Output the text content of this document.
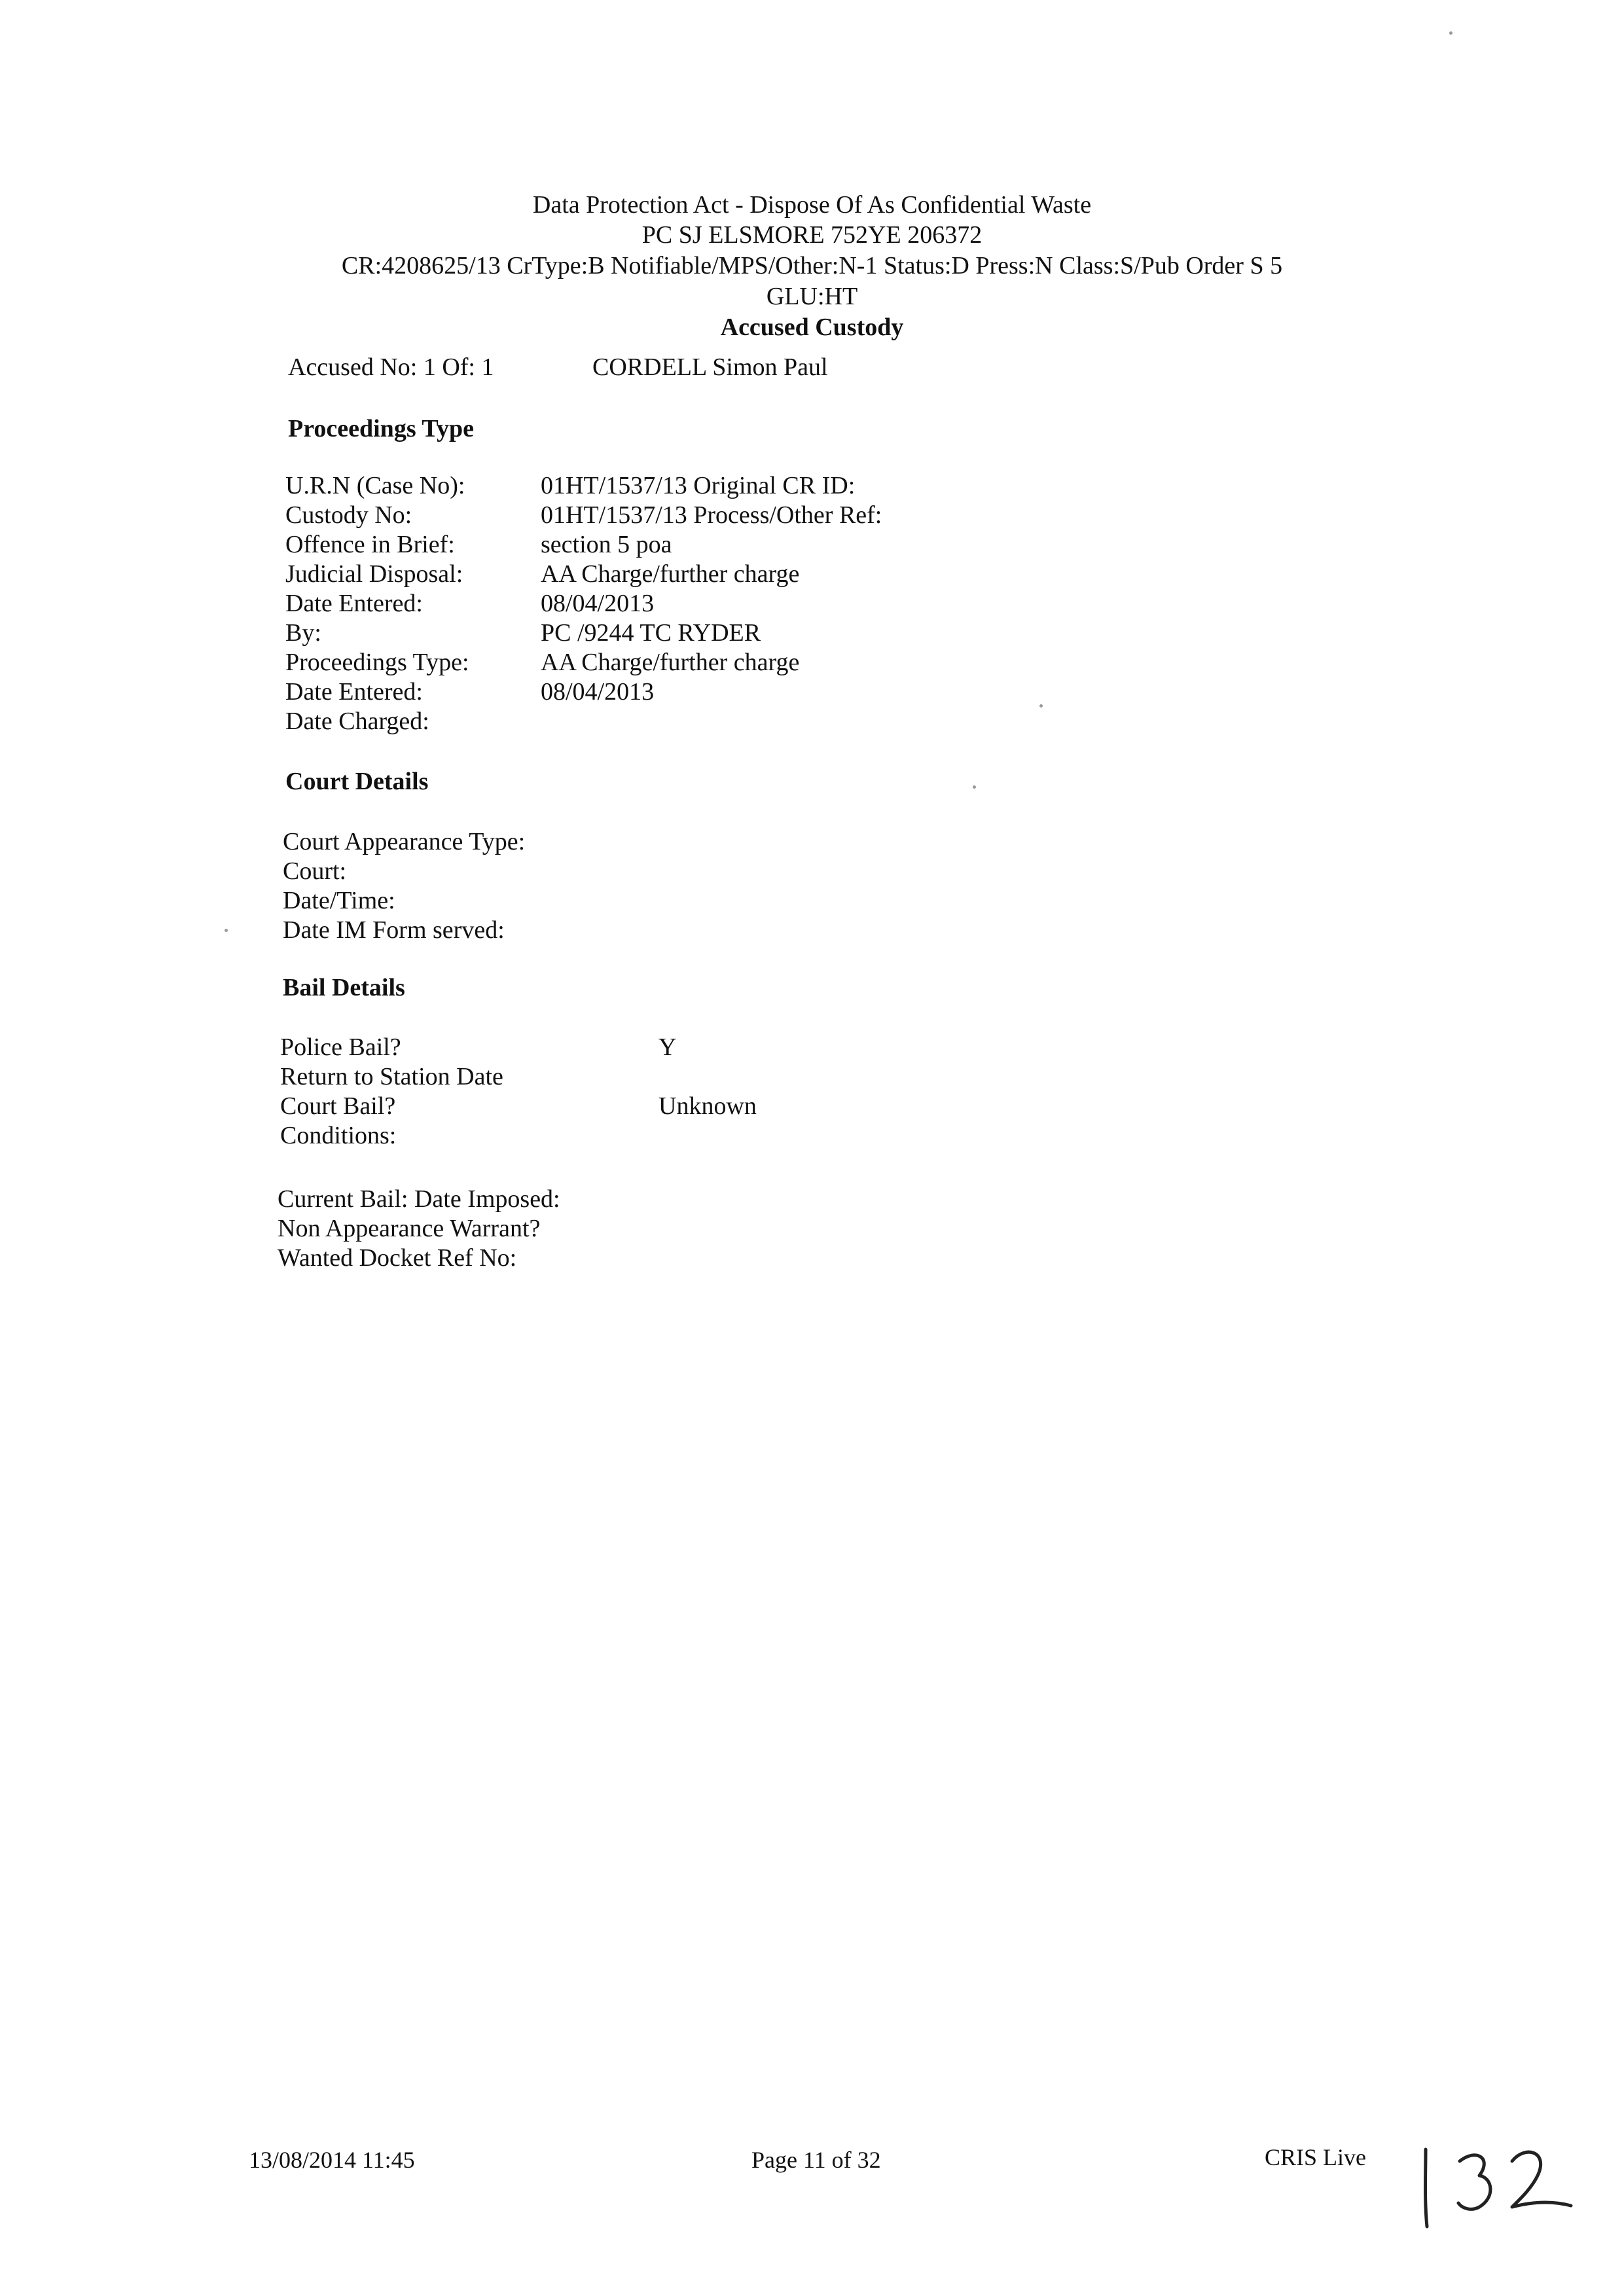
Data Protection Act - Dispose Of As Confidential Waste
PC SJ ELSMORE 752YE 206372
CR:4208625/13 CrType:B Notifiable/MPS/Other:N-1 Status:D Press:N Class:S/Pub Order S 5
GLU:HT
Accused Custody
Accused No: 1 Of: 1	CORDELL Simon Paul
Proceedings Type
U.R.N (Case No):	01HT/1537/13 Original CR ID:
Custody No:	01HT/1537/13 Process/Other Ref:
Offence in Brief:	section 5 poa
Judicial Disposal:	AA Charge/further charge
Date Entered:	08/04/2013
By:	PC /9244 TC RYDER
Proceedings Type:	AA Charge/further charge
Date Entered:	08/04/2013
Date Charged:
Court Details
Court Appearance Type:
Court:
Date/Time:
Date IM Form served:
Bail Details
Police Bail?	Y
Return to Station Date
Court Bail?	Unknown
Conditions:
Current Bail: Date Imposed:
Non Appearance Warrant?
Wanted Docket Ref No:
13/08/2014 11:45	Page 11 of 32	CRIS Live
